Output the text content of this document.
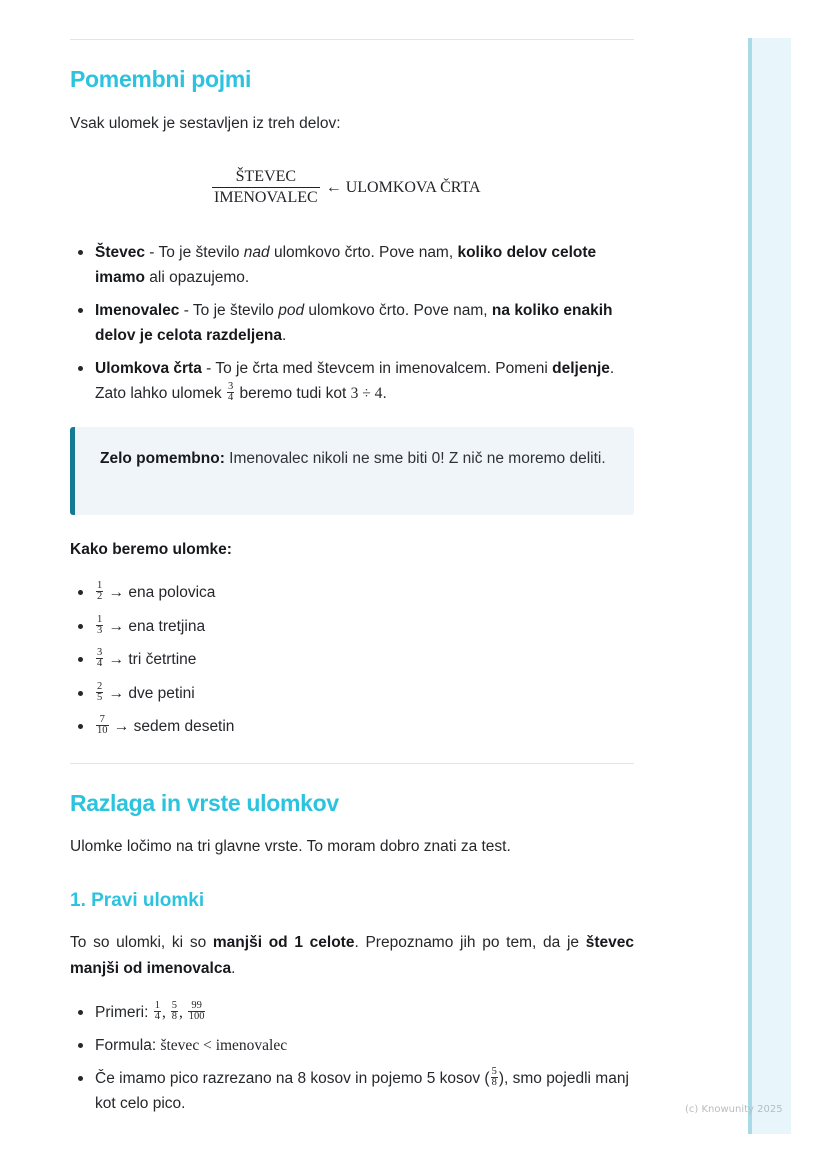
Pomembni pojmi

Vsak ulomek je sestavljen iz treh delov:

$\frac{\text{ŠTEVEC}}{\text{IMENOVALEC}}$ ← ULOMKOVA ČRTA
Števec - To je število nad ulomkovo črto. Pove nam, koliko delov celote imamo ali opazujemo.
Imenovalec - To je število pod ulomkovo črto. Pove nam, na koliko enakih delov je celota razdeljena.
Ulomkova črta - To je črta med števcem in imenovalcem. Pomeni deljenje.
Zato lahko ulomek $\frac{3}{4}$ beremo tudi kot 3 ÷ 4.
Zelo pomembno: Imenovalec nikoli ne sme biti 0! Z nič ne moremo deliti.

Kako beremo ulomke:

$\frac{1}{2}$ → ena polovica
$\frac{1}{3}$ → ena tretjina
$\frac{3}{4}$ → tri četrtine
$\frac{2}{5}$ → dve petini
$\frac{7}{10}$ → sedem desetin
Razlaga in vrste ulomkov

Ulomke ločimo na tri glavne vrste. To moram dobro znati za test.

1. Pravi ulomki

To so ulomki, ki so manjši od 1 celote. Prepoznamo jih po tem, da je števec manjši od imenovalca.

Primeri: $\frac{1}{4}$ , $\frac{5}{8}$ , $\frac{99}{100}$
Formula: števec < imenovalec
Če imamo pico razrezano na 8 kosov in pojemo 5 kosov ( $\frac{5}{8}$ ), smo pojedli manj kot celo pico.	(c) Knowunity 2025
